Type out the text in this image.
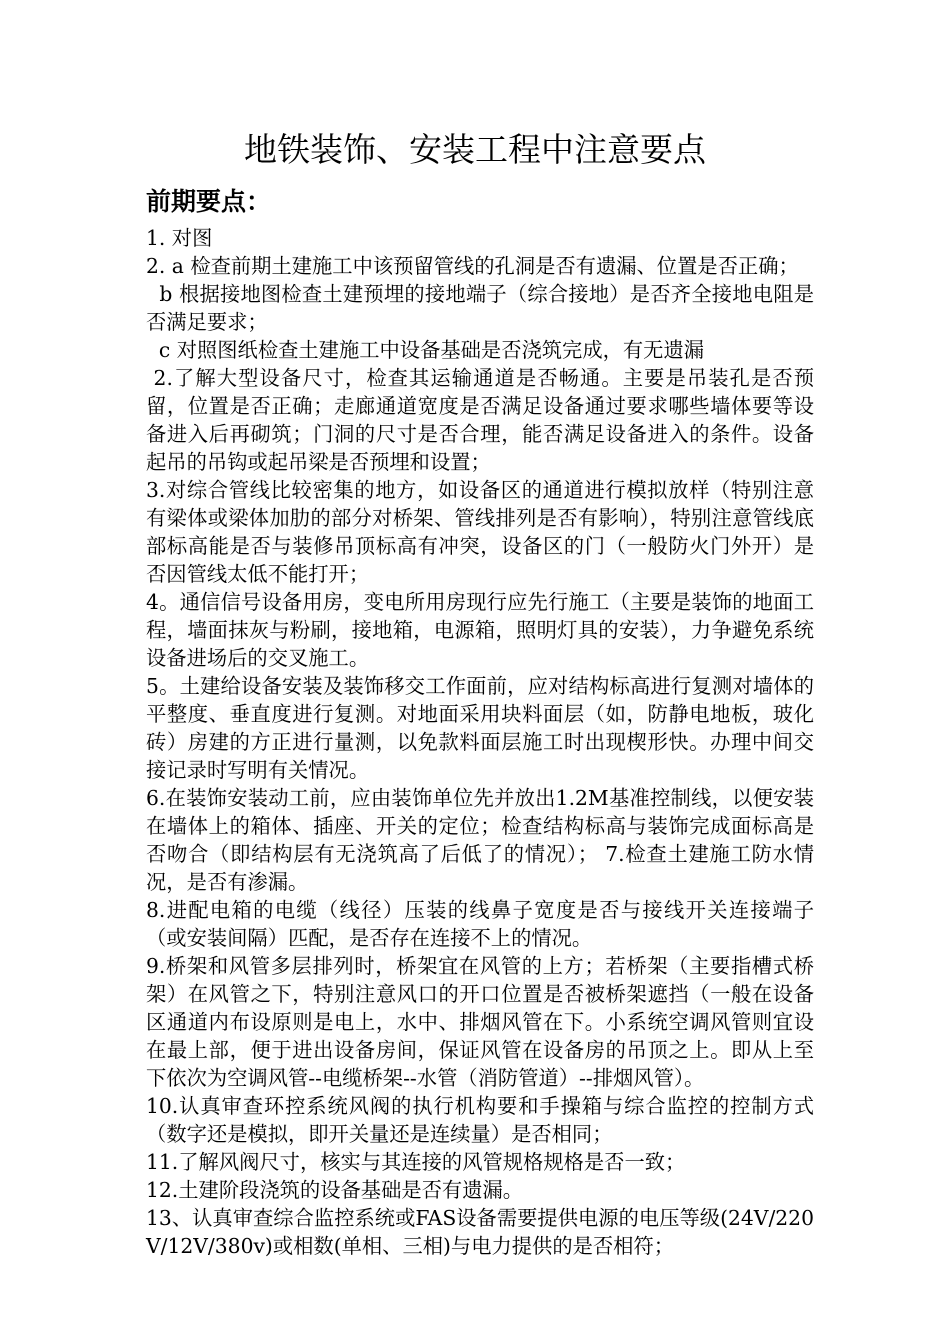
地铁装饰、安装工程中注意要点
前期要点：

1. 对图

2. a 检查前期土建施工中该预留管线的孔洞是否有遗漏、位置是否正确；

b 根据接地图检查土建预埋的接地端子（综合接地）是否齐全接地电阻是否满足要求；

c 对照图纸检查土建施工中设备基础是否浇筑完成，有无遗漏

2.了解大型设备尺寸，检查其运输通道是否畅通。主要是吊装孔是否预留，位置是否正确；走廊通道宽度是否满足设备通过要求哪些墙体要等设备进入后再砌筑；门洞的尺寸是否合理，能否满足设备进入的条件。设备起吊的吊钩或起吊梁是否预埋和设置；

3.对综合管线比较密集的地方，如设备区的通道进行模拟放样（特别注意有梁体或梁体加肋的部分对桥架、管线排列是否有影响），特别注意管线底部标高能是否与装修吊顶标高有冲突，设备区的门（一般防火门外开）是否因管线太低不能打开；

4。通信信号设备用房，变电所用房现行应先行施工（主要是装饰的地面工程，墙面抹灰与粉刷，接地箱，电源箱，照明灯具的安装），力争避免系统设备进场后的交叉施工。

5。土建给设备安装及装饰移交工作面前，应对结构标高进行复测对墙体的平整度、垂直度进行复测。对地面采用块料面层（如，防静电地板，玻化砖）房建的方正进行量测，以免款料面层施工时出现楔形快。办理中间交接记录时写明有关情况。

6.在装饰安装动工前，应由装饰单位先并放出1.2M基准控制线，以便安装在墙体上的箱体、插座、开关的定位；检查结构标高与装饰完成面标高是否吻合（即结构层有无浇筑高了后低了的情况）； 7.检查土建施工防水情况，是否有渗漏。

8.进配电箱的电缆（线径）压装的线鼻子宽度是否与接线开关连接端子（或安装间隔）匹配，是否存在连接不上的情况。

9.桥架和风管多层排列时，桥架宜在风管的上方；若桥架（主要指槽式桥架）在风管之下，特别注意风口的开口位置是否被桥架遮挡（一般在设备区通道内布设原则是电上，水中、排烟风管在下。小系统空调风管则宜设在最上部，便于进出设备房间，保证风管在设备房的吊顶之上。即从上至下依次为空调风管--电缆桥架--水管（消防管道）--排烟风管）。

10.认真审查环控系统风阀的执行机构要和手操箱与综合监控的控制方式（数字还是模拟，即开关量还是连续量）是否相同；

11.了解风阀尺寸，核实与其连接的风管规格规格是否一致；

12.土建阶段浇筑的设备基础是否有遗漏。

13、认真审查综合监控系统或FAS设备需要提供电源的电压等级(24V/220V/12V/380v)或相数(单相、三相)与电力提供的是否相符；
